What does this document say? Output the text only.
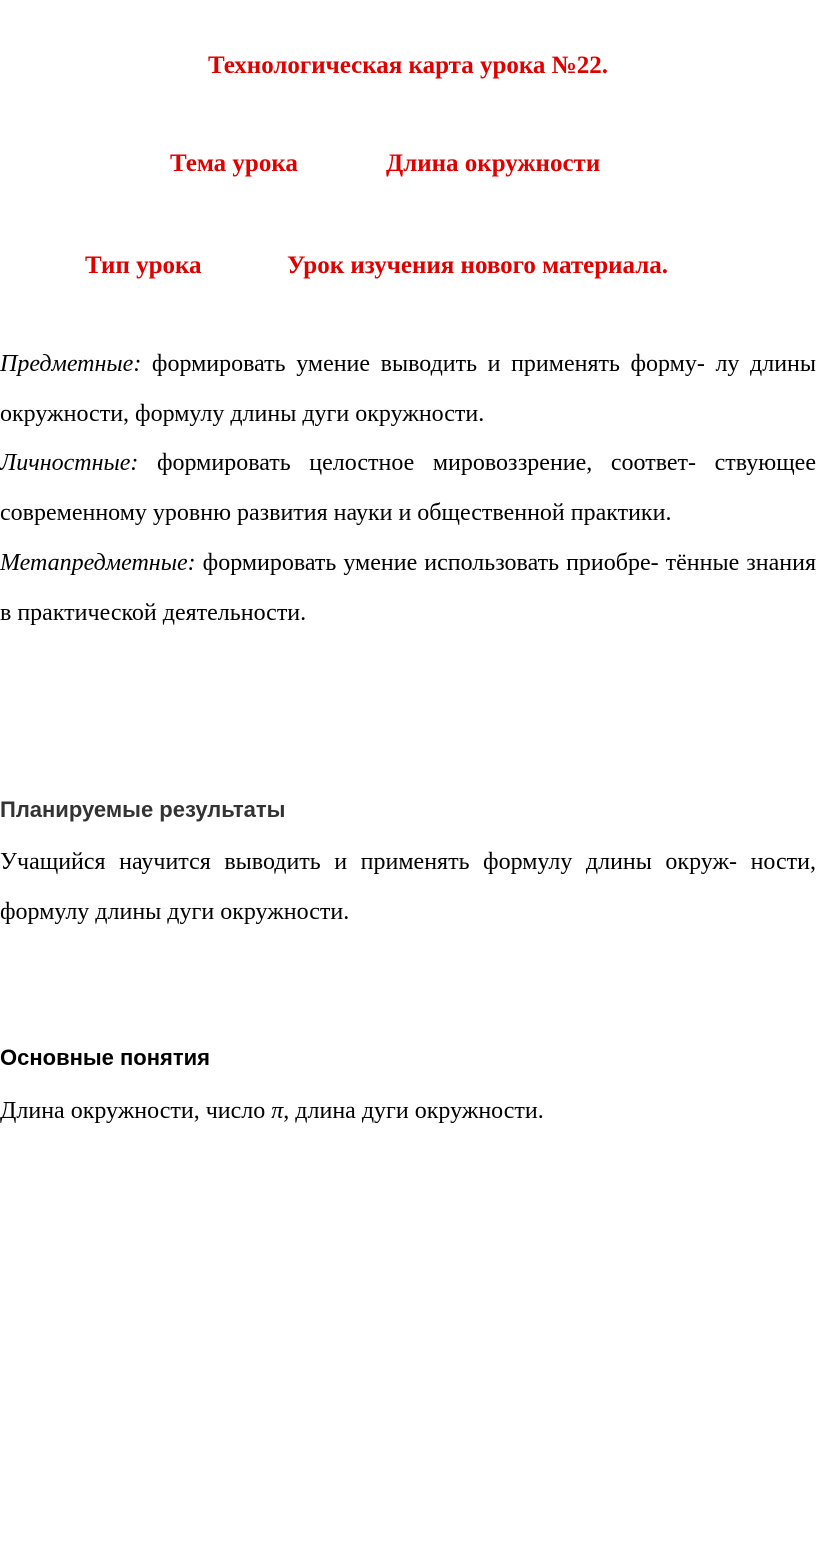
Технологическая карта урока №22.
Тема урока	Длина окружности
Тип урока	Урок изучения нового материала.

Предметные: формировать умение выводить и применять форму- лу длины окружности, формулу длины дуги окружности.

Личностные: формировать целостное мировоззрение, соответ- ствующее современному уровню развития науки и общественной практики.

Метапредметные: формировать умение использовать приобре- тённые знания в практической деятельности.

Планируемые результаты

Учащийся научится выводить и применять формулу длины окруж- ности, формулу длины дуги окружности.

Основные понятия

Длина окружности, число π, длина дуги окружности.
